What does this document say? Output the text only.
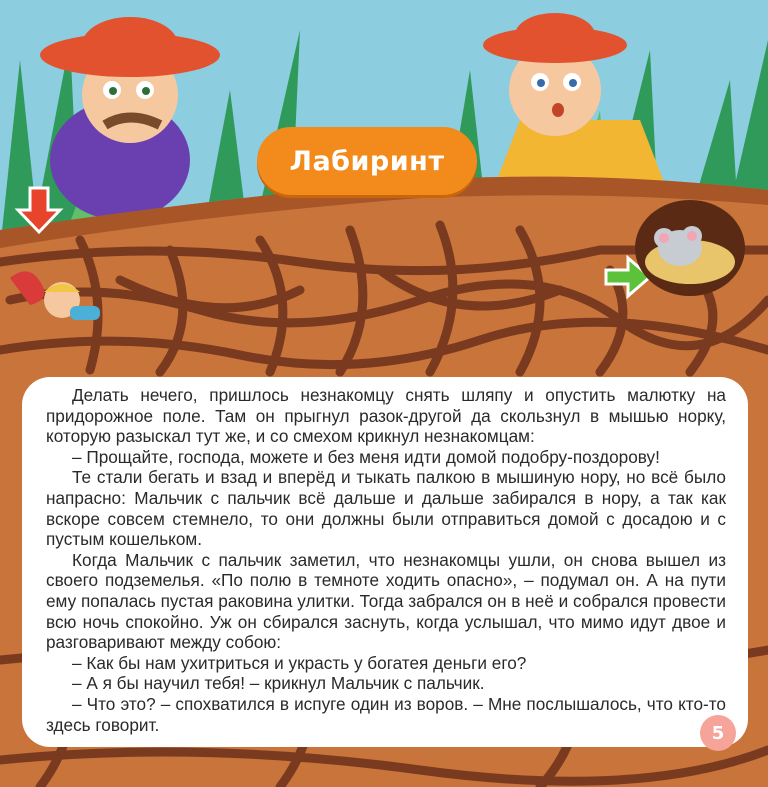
Лабиринт

Делать нечего, пришлось незнакомцу снять шляпу и опустить малютку на придорожное поле. Там он прыгнул разок-другой да скользнул в мышью норку, которую разыскал тут же, и со смехом крикнул незнакомцам:

– Прощайте, господа, можете и без меня идти домой подобру-поздорову!

Те стали бегать и взад и вперёд и тыкать палкою в мышиную нору, но всё было напрасно: Мальчик с пальчик всё дальше и дальше забирался в нору, а так как вскоре совсем стемнело, то они должны были отправиться домой с досадою и с пустым кошельком.

Когда Мальчик с пальчик заметил, что незнакомцы ушли, он снова вышел из своего подземелья. «По полю в темноте ходить опасно», – подумал он. А на пути ему попалась пустая раковина улитки. Тогда забрался он в неё и собрался провести всю ночь спокойно. Уж он сбирался заснуть, когда услышал, что мимо идут двое и разговаривают между собою:

– Как бы нам ухитриться и украсть у богатея деньги его?

– А я бы научил тебя! – крикнул Мальчик с пальчик.

– Что это? – спохватился в испуге один из воров. – Мне послышалось, что кто-то здесь говорит.	5
